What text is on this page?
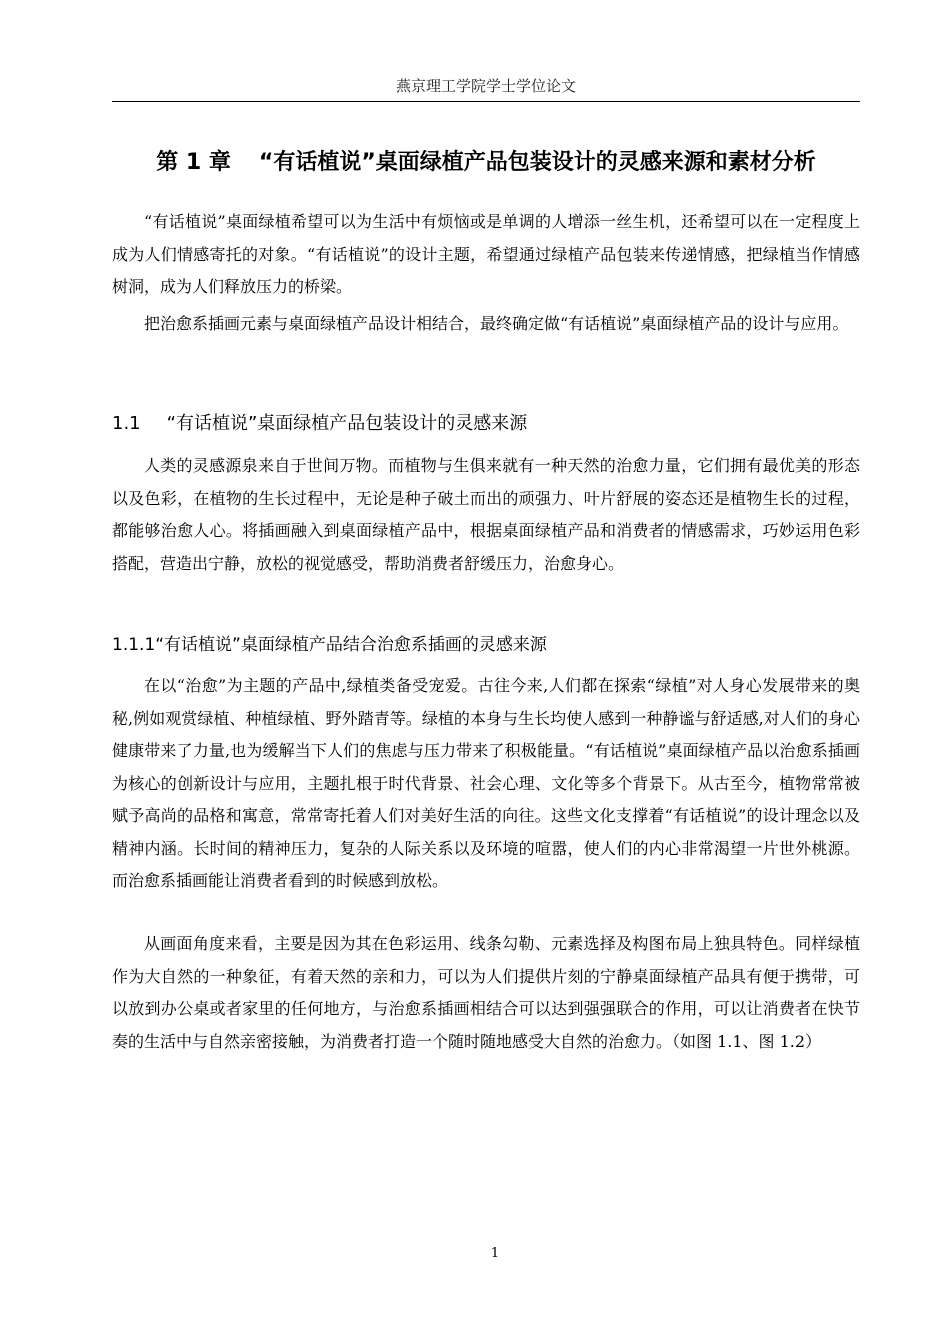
燕京理工学院学士学位论文
第 1 章 “有话植说”桌面绿植产品包装设计的灵感来源和素材分析

“有话植说”桌面绿植希望可以为生活中有烦恼或是单调的人增添一丝生机，还希望可以在一定程度上成为人们情感寄托的对象。“有话植说”的设计主题，希望通过绿植产品包装来传递情感，把绿植当作情感树洞，成为人们释放压力的桥梁。

把治愈系插画元素与桌面绿植产品设计相结合，最终确定做“有话植说”桌面绿植产品的设计与应用。

1.1 “有话植说”桌面绿植产品包装设计的灵感来源

人类的灵感源泉来自于世间万物。而植物与生俱来就有一种天然的治愈力量，它们拥有最优美的形态以及色彩，在植物的生长过程中，无论是种子破土而出的顽强力、叶片舒展的姿态还是植物生长的过程，都能够治愈人心。将插画融入到桌面绿植产品中，根据桌面绿植产品和消费者的情感需求，巧妙运用色彩搭配，营造出宁静，放松的视觉感受，帮助消费者舒缓压力，治愈身心。

1.1.1“有话植说”桌面绿植产品结合治愈系插画的灵感来源

在以“治愈”为主题的产品中,绿植类备受宠爱。古往今来,人们都在探索“绿植”对人身心发展带来的奥秘,例如观赏绿植、种植绿植、野外踏青等。绿植的本身与生长均使人感到一种静谧与舒适感,对人们的身心健康带来了力量,也为缓解当下人们的焦虑与压力带来了积极能量。“有话植说”桌面绿植产品以治愈系插画为核心的创新设计与应用，主题扎根于时代背景、社会心理、文化等多个背景下。从古至今，植物常常被赋予高尚的品格和寓意，常常寄托着人们对美好生活的向往。这些文化支撑着“有话植说”的设计理念以及精神内涵。长时间的精神压力，复杂的人际关系以及环境的喧嚣，使人们的内心非常渴望一片世外桃源。而治愈系插画能让消费者看到的时候感到放松。

从画面角度来看，主要是因为其在色彩运用、线条勾勒、元素选择及构图布局上独具特色。同样绿植作为大自然的一种象征，有着天然的亲和力，可以为人们提供片刻的宁静桌面绿植产品具有便于携带，可以放到办公桌或者家里的任何地方，与治愈系插画相结合可以达到强强联合的作用，可以让消费者在快节奏的生活中与自然亲密接触，为消费者打造一个随时随地感受大自然的治愈力。（如图 1.1、图 1.2）

1
